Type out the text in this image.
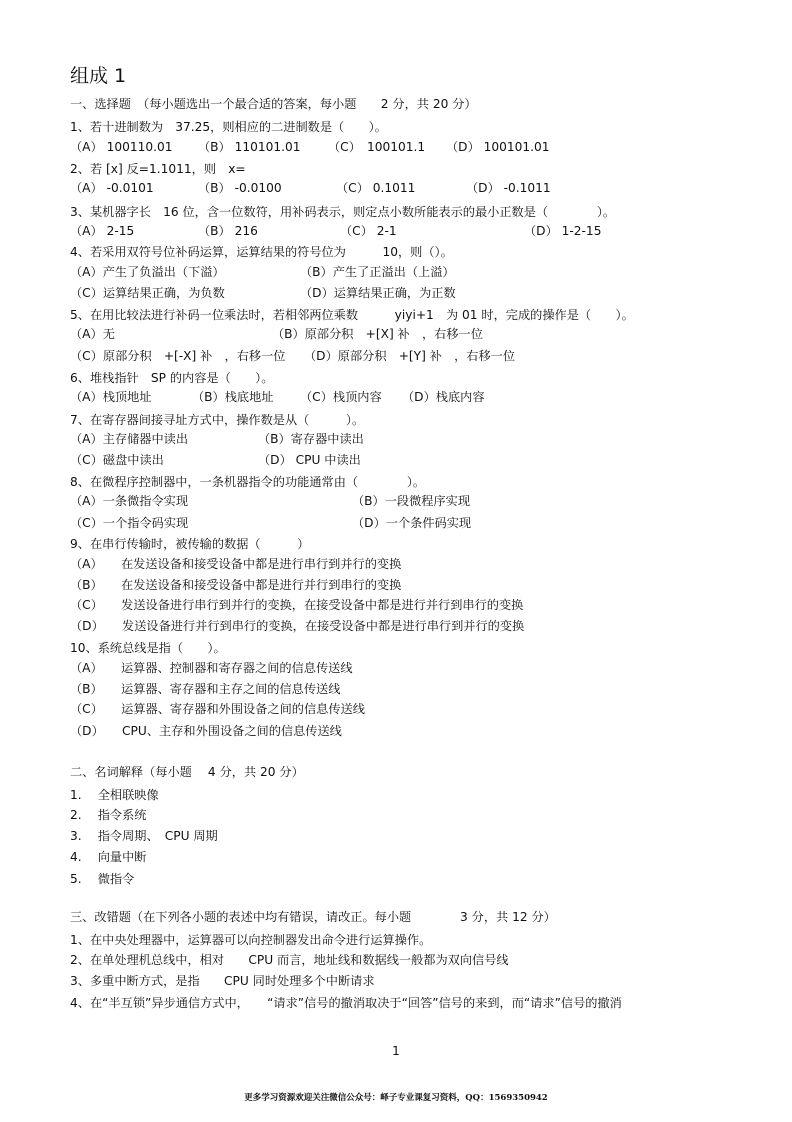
组成 1
一、选择题　（每小题选出一个最合适的答案，每小题　　2 分，共 20 分）
1、若十进制数为　37.25，则相应的二进制数是（　　）。
（A） 100110.01 （B） 110101.01 （C）　100101.1 （D） 100101.01
2、若 [x] 反=1.1011，则　x=
（A） -0.0101	（B） -0.0100	（C） 0.1011	（D） -0.1011
3、某机器字长　16 位，含一位数符，用补码表示，则定点小数所能表示的最小正数是（　　　　）。
（A） 2-15	（B） 216	（C） 2-1	（D） 1-2-15
4、若采用双符号位补码运算，运算结果的符号位为　　　10，则（）。
（A）产生了负溢出（下溢）	（B）产生了正溢出（上溢）
（C）运算结果正确，为负数	（D）运算结果正确，为正数
5、在用比较法进行补码一位乘法时，若相邻两位乘数　　　yiyi+1　为 01 时，完成的操作是（　　）。
（A）无	（B）原部分积　+[X] 补　，右移一位
（C）原部分积　+[-X] 补　，右移一位 （D）原部分积　+[Y] 补　，右移一位
6、堆栈指针　SP 的内容是（　　）。
（A）栈顶地址	（B）栈底地址 （C）栈顶内容 （D）栈底内容
7、在寄存器间接寻址方式中，操作数是从（　　　）。
（A）主存储器中读出	（B）寄存器中读出
（C）磁盘中读出	（D） CPU 中读出
8、在微程序控制器中，一条机器指令的功能通常由（　　　　）。
（A）一条微指令实现	（B）一段微程序实现
（C）一个指令码实现	（D）一个条件码实现
9、在串行传输时，被传输的数据（　　　）
（A）　　在发送设备和接受设备中都是进行串行到并行的变换
（B）　　在发送设备和接受设备中都是进行并行到串行的变换
（C）　　发送设备进行串行到并行的变换，在接受设备中都是进行并行到串行的变换
（D）　　发送设备进行并行到串行的变换，在接受设备中都是进行串行到并行的变换
10、系统总线是指（　　）。
（A）　　运算器、控制器和寄存器之间的信息传送线
（B）　　运算器、寄存器和主存之间的信息传送线
（C）　　运算器、寄存器和外围设备之间的信息传送线
（D）　　CPU、主存和外围设备之间的信息传送线
二、名词解释（每小题　 4 分，共 20 分）
1.　 全相联映像
2.　 指令系统
3.　 指令周期、　CPU 周期
4.　 向量中断
5.　 微指令
三、改错题（在下列各小题的表述中均有错误，请改正。每小题　　　　3 分，共 12 分）
1、在中央处理器中，运算器可以向控制器发出命令进行运算操作。
2、在单处理机总线中，相对　　CPU 而言，地址线和数据线一般都为双向信号线
3、多重中断方式，是指　　CPU 同时处理多个中断请求
4、在“半互锁”异步通信方式中，　　“请求”信号的撤消取决于“回答”信号的来到，而“请求”信号的撤消
1
更多学习资源欢迎关注微信公众号：峄子专业课复习资料，QQ：1569350942
